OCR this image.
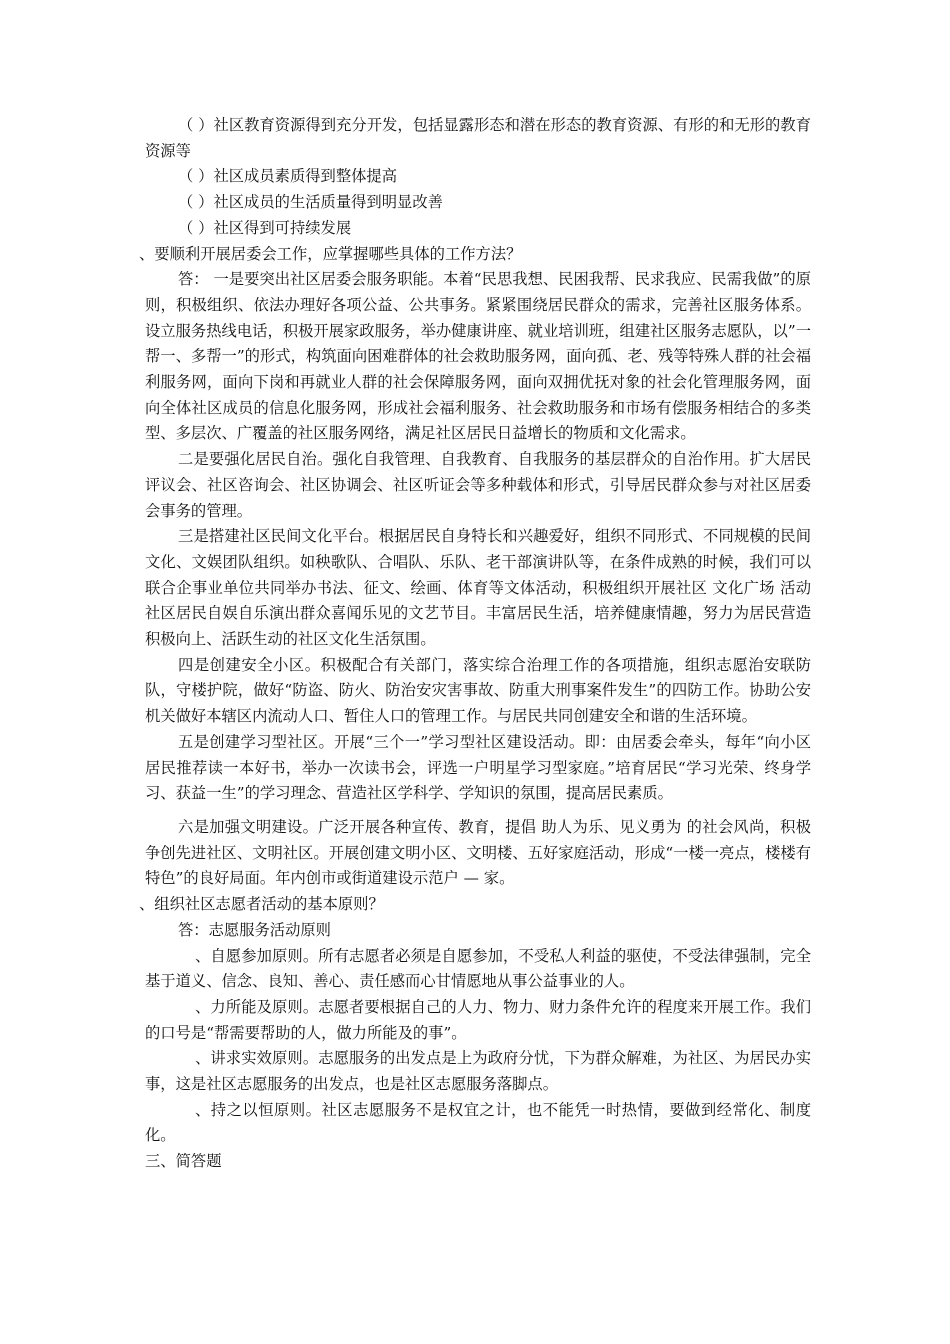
（ ）社区教育资源得到充分开发，包括显露形态和潜在形态的教育资源、有形的和无形的教育资源等

（ ）社区成员素质得到整体提高

（ ）社区成员的生活质量得到明显改善

（ ）社区得到可持续发展

、要顺利开展居委会工作，应掌握哪些具体的工作方法？

答： 一是要突出社区居委会服务职能。本着“民思我想、民困我帮、民求我应、民需我做”的原则，积极组织、依法办理好各项公益、公共事务。紧紧围绕居民群众的需求，完善社区服务体系。设立服务热线电话，积极开展家政服务，举办健康讲座、就业培训班，组建社区服务志愿队，以”一帮一、多帮一”的形式，构筑面向困难群体的社会救助服务网，面向孤、老、残等特殊人群的社会福利服务网，面向下岗和再就业人群的社会保障服务网，面向双拥优抚对象的社会化管理服务网，面向全体社区成员的信息化服务网，形成社会福利服务、社会救助服务和市场有偿服务相结合的多类型、多层次、广覆盖的社区服务网络，满足社区居民日益增长的物质和文化需求。

二是要强化居民自治。强化自我管理、自我教育、自我服务的基层群众的自治作用。扩大居民评议会、社区咨询会、社区协调会、社区听证会等多种载体和形式，引导居民群众参与对社区居委会事务的管理。

三是搭建社区民间文化平台。根据居民自身特长和兴趣爱好，组织不同形式、不同规模的民间文化、文娱团队组织。如秧歌队、合唱队、乐队、老干部演讲队等，在条件成熟的时候，我们可以联合企事业单位共同举办书法、征文、绘画、体育等文体活动，积极组织开展社区 文化广场 活动 社区居民自娱自乐演出群众喜闻乐见的文艺节目。丰富居民生活，培养健康情趣，努力为居民营造积极向上、活跃生动的社区文化生活氛围。

四是创建安全小区。积极配合有关部门，落实综合治理工作的各项措施，组织志愿治安联防队，守楼护院，做好“防盗、防火、防治安灾害事故、防重大刑事案件发生”的四防工作。协助公安机关做好本辖区内流动人口、暂住人口的管理工作。与居民共同创建安全和谐的生活环境。

五是创建学习型社区。开展“三个一”学习型社区建设活动。即：由居委会牵头，每年“向小区居民推荐读一本好书，举办一次读书会，评选一户明星学习型家庭。”培育居民“学习光荣、终身学习、获益一生”的学习理念、营造社区学科学、学知识的氛围，提高居民素质。

六是加强文明建设。广泛开展各种宣传、教育，提倡 助人为乐、见义勇为 的社会风尚，积极争创先进社区、文明社区。开展创建文明小区、文明楼、五好家庭活动，形成“一楼一亮点，楼楼有特色”的良好局面。年内创市或街道建设示范户 — 家。

、组织社区志愿者活动的基本原则？

答：志愿服务活动原则

、自愿参加原则。所有志愿者必须是自愿参加，不受私人利益的驱使，不受法律强制，完全基于道义、信念、良知、善心、责任感而心甘情愿地从事公益事业的人。

、力所能及原则。志愿者要根据自己的人力、物力、财力条件允许的程度来开展工作。我们的口号是“帮需要帮助的人，做力所能及的事”。

、讲求实效原则。志愿服务的出发点是上为政府分忧，下为群众解难，为社区、为居民办实事，这是社区志愿服务的出发点，也是社区志愿服务落脚点。

、持之以恒原则。社区志愿服务不是权宜之计，也不能凭一时热情，要做到经常化、制度化。

三、简答题
